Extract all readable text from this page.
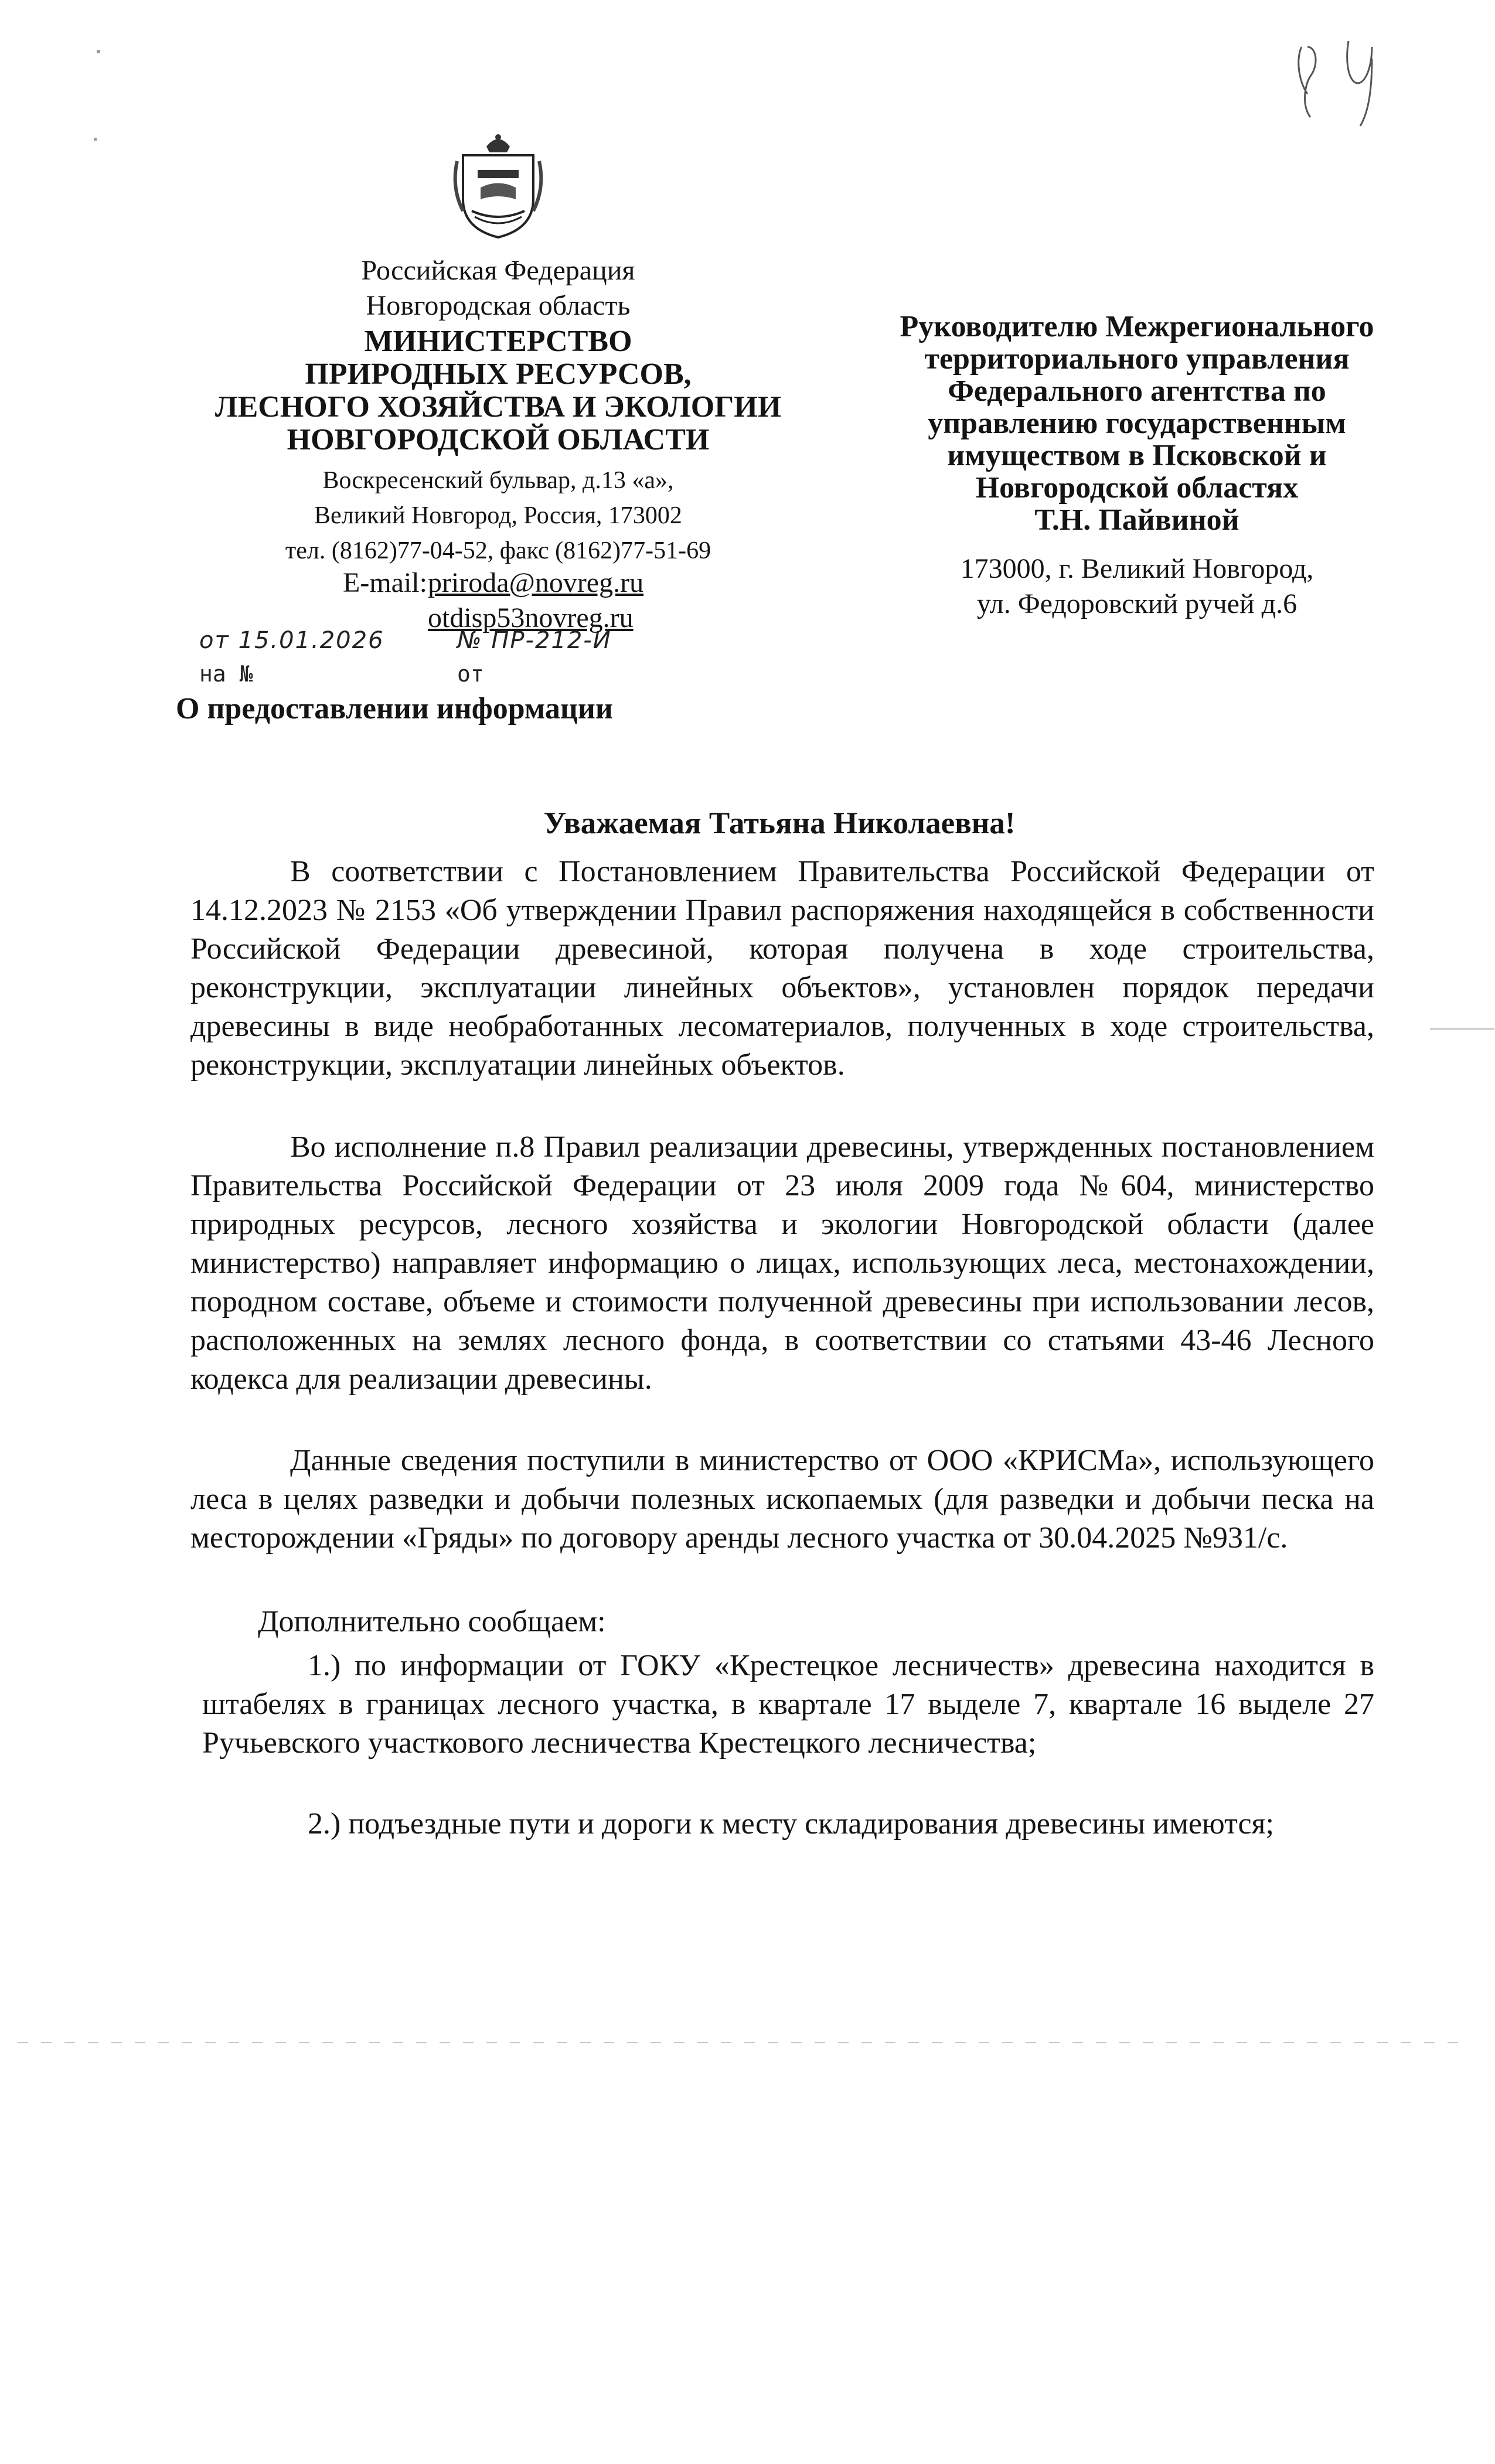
Российская Федерация
Новгородская область
МИНИСТЕРСТВО
ПРИРОДНЫХ РЕСУРСОВ,
ЛЕСНОГО ХОЗЯЙСТВА И ЭКОЛОГИИ
НОВГОРОДСКОЙ ОБЛАСТИ
Воскресенский бульвар, д.13 «а»,
Великий Новгород, Россия, 173002
тел. (8162)77-04-52, факс (8162)77-51-69
E-mail: priroda@novreg.ru
otdisp53novreg.ru
от 15.01.2026	№ ПР-212-И
на №	от
О предоставлении информации
Руководителю Межрегионального
территориального управления
Федерального агентства по
управлению государственным
имуществом в Псковской и
Новгородской областях
Т.Н. Пайвиной
173000, г. Великий Новгород,
ул. Федоровский ручей д.6
Уважаемая Татьяна Николаевна!
В соответствии с Постановлением Правительства Российской Федерации от 14.12.2023 № 2153 «Об утверждении Правил распоряжения находящейся в собственности Российской Федерации древесиной, которая получена в ходе строительства, реконструкции, эксплуатации линейных объектов», установлен порядок передачи древесины в виде необработанных лесоматериалов, полученных в ходе строительства, реконструкции, эксплуатации линейных объектов.
Во исполнение п.8 Правил реализации древесины, утвержденных постановлением Правительства Российской Федерации от 23 июля 2009 года №604, министерство природных ресурсов, лесного хозяйства и экологии Новгородской области (далее министерство) направляет информацию о лицах, использующих леса, местонахождении, породном составе, объеме и стоимости полученной древесины при использовании лесов, расположенных на землях лесного фонда, в соответствии со статьями 43-46 Лесного кодекса для реализации древесины.
Данные сведения поступили в министерство от ООО «КРИСМа», использующего леса в целях разведки и добычи полезных ископаемых (для разведки и добычи песка на месторождении «Гряды» по договору аренды лесного участка от 30.04.2025 №931/с.
Дополнительно сообщаем:
1.) по информации от ГОКУ «Крестецкое лесничеств» древесина находится в штабелях в границах лесного участка, в квартале 17 выделе 7, квартале 16 выделе 27 Ручьевского участкового лесничества Крестецкого лесничества;
2.) подъездные пути и дороги к месту складирования древесины имеются;
